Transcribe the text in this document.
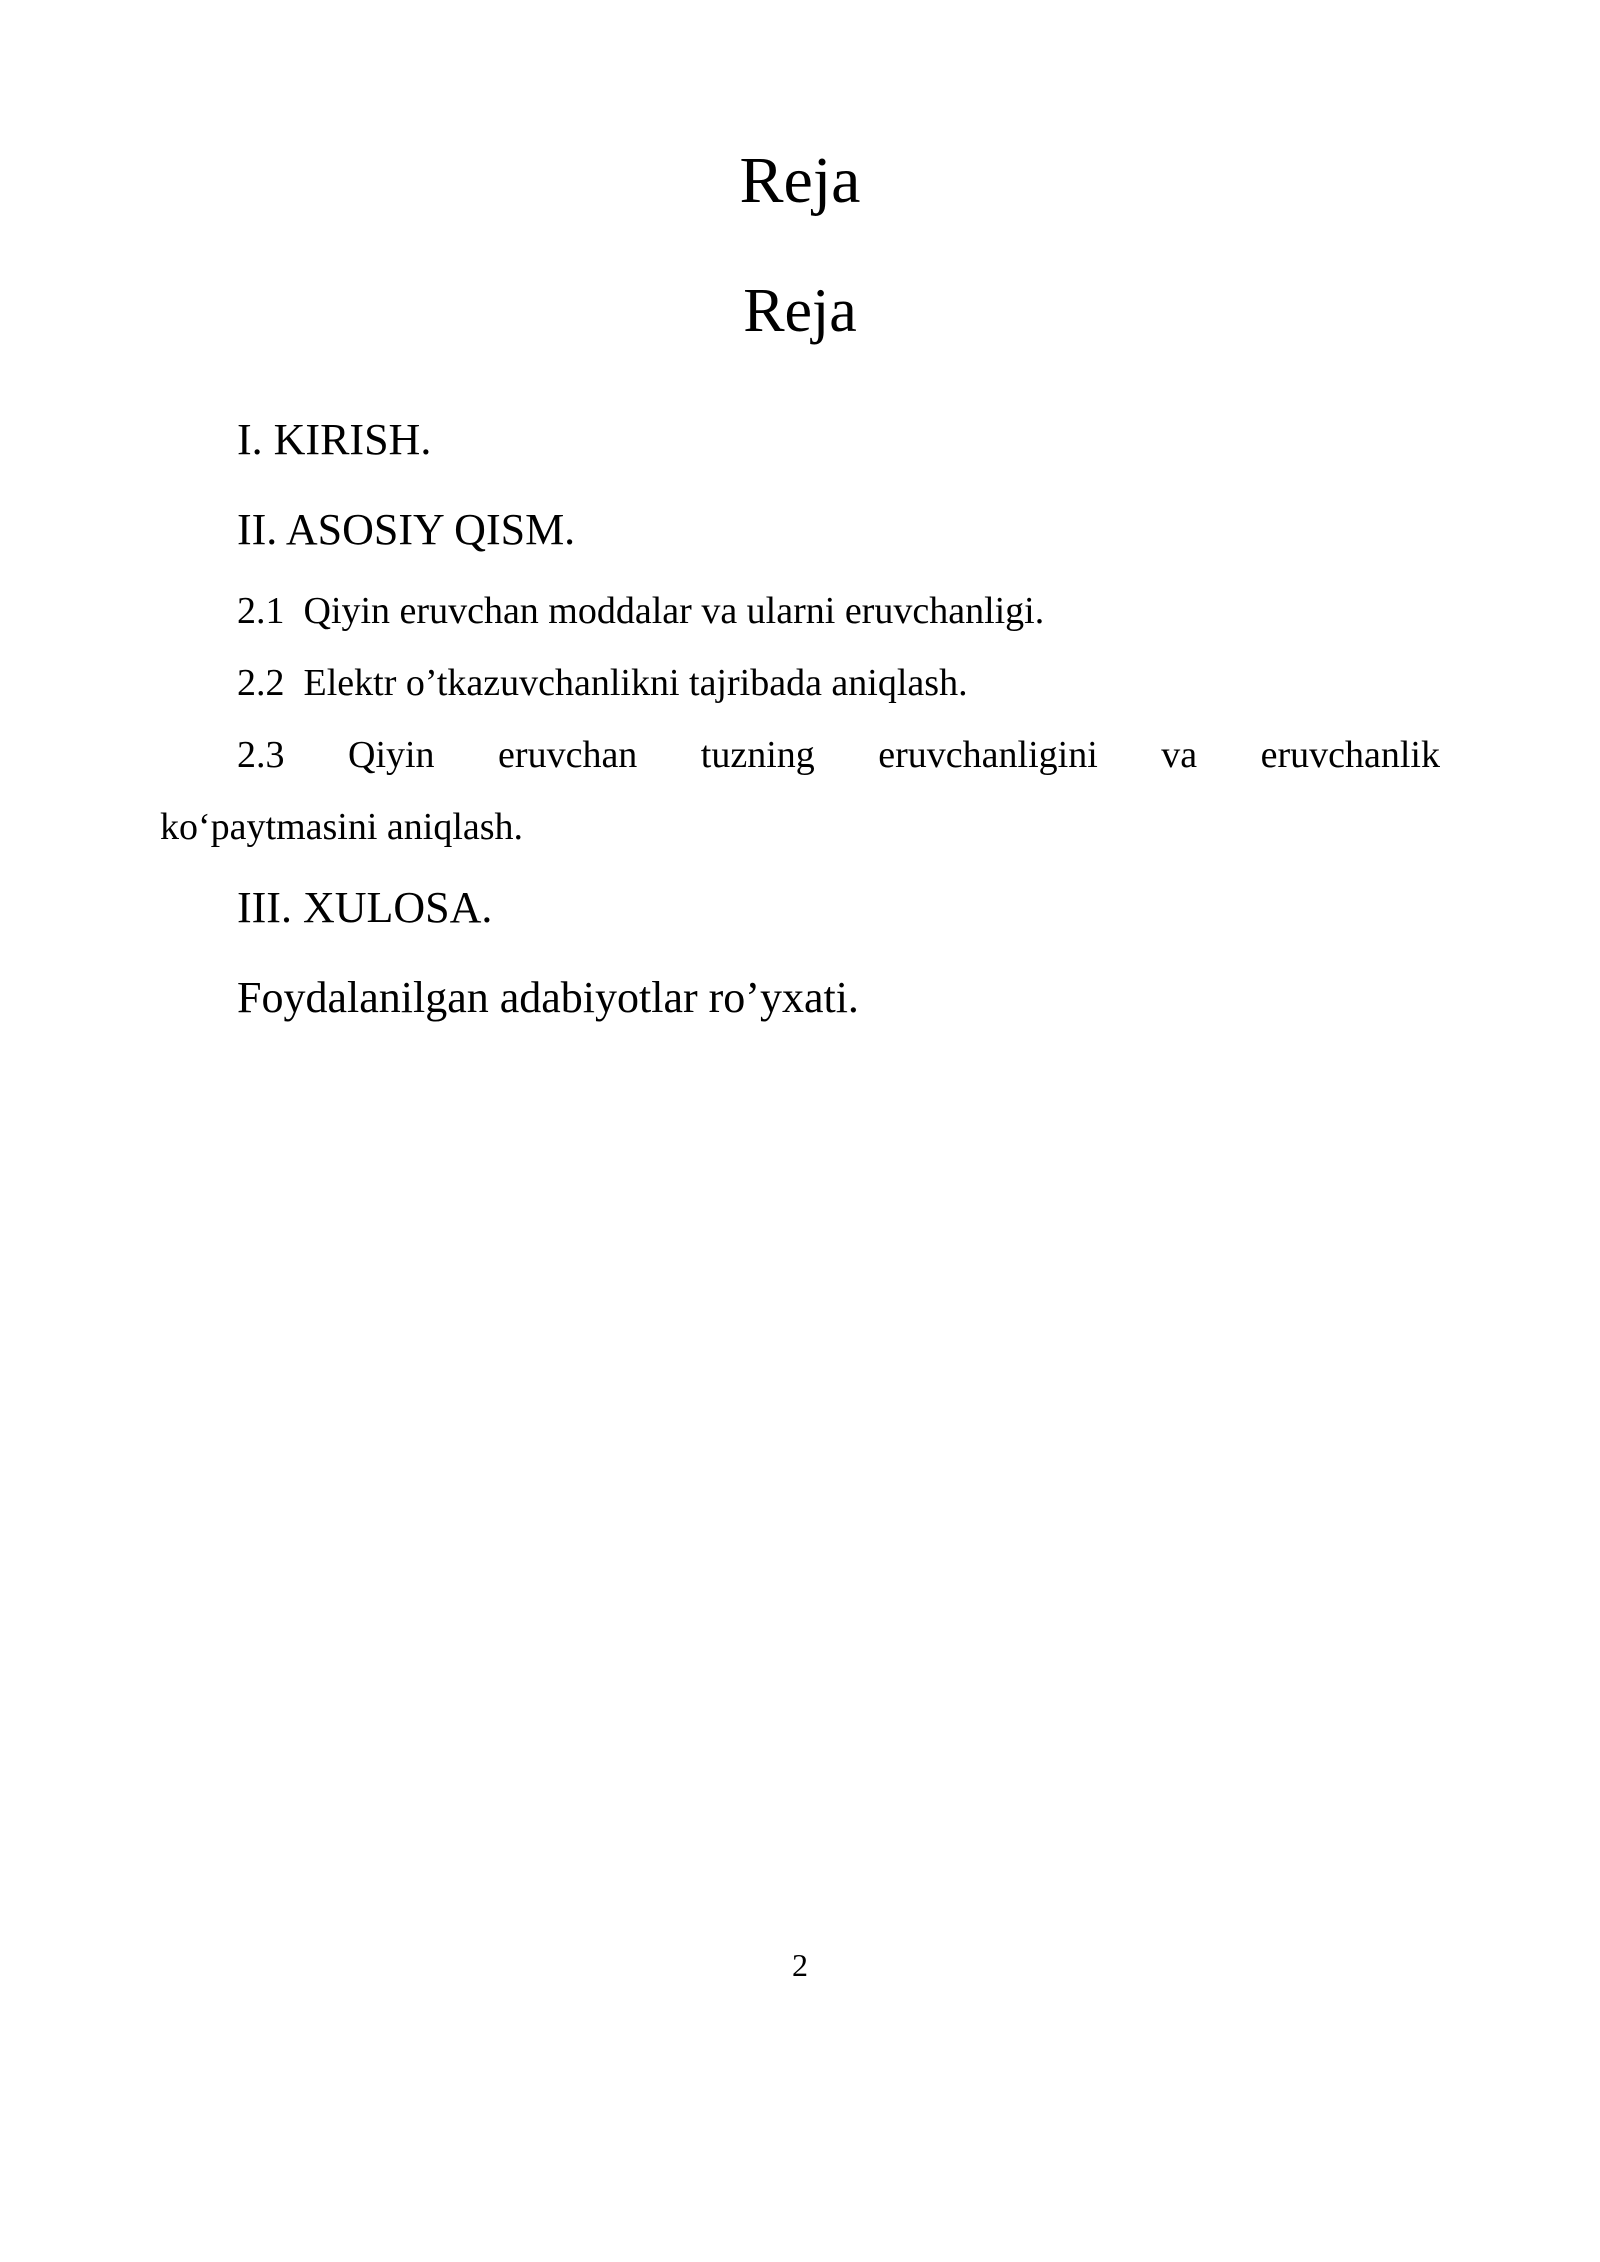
Reja
Reja

I. KIRISH.

II. ASOSIY QISM.

2.1  Qiyin eruvchan moddalar va ularni eruvchanligi.

2.2  Elektr o’tkazuvchanlikni tajribada aniqlash.

2.3 Qiyin eruvchan tuzning eruvchanligini va eruvchanlik

ko‘paytmasini aniqlash.

III. XULOSA.

Foydalanilgan adabiyotlar ro’yxati.

2
